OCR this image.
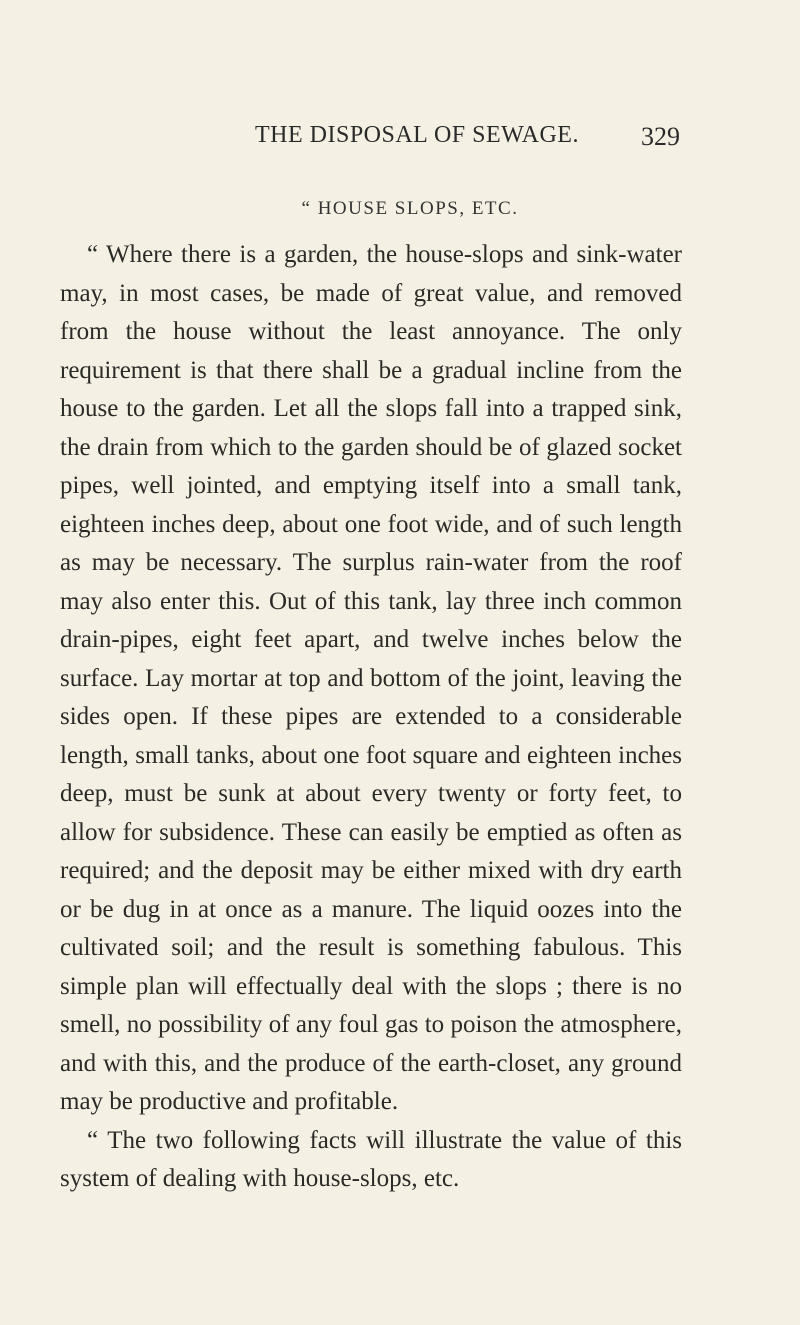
THE DISPOSAL OF SEWAGE. 329
“ HOUSE SLOPS, ETC.

“ Where there is a garden, the house-slops and sink-water may, in most cases, be made of great value, and removed from the house without the least annoyance. The only requirement is that there shall be a gradual incline from the house to the garden. Let all the slops fall into a trapped sink, the drain from which to the garden should be of glazed socket pipes, well jointed, and emptying itself into a small tank, eighteen inches deep, about one foot wide, and of such length as may be necessary. The surplus rain-water from the roof may also enter this. Out of this tank, lay three inch common drain-pipes, eight feet apart, and twelve inches below the surface. Lay mortar at top and bottom of the joint, leaving the sides open. If these pipes are extended to a considerable length, small tanks, about one foot square and eighteen inches deep, must be sunk at about every twenty or forty feet, to allow for subsidence. These can easily be emptied as often as required; and the deposit may be either mixed with dry earth or be dug in at once as a manure. The liquid oozes into the cultivated soil; and the result is something fabulous. This simple plan will effectually deal with the slops ; there is no smell, no possibility of any foul gas to poison the atmosphere, and with this, and the produce of the earth-closet, any ground may be productive and profitable.

“ The two following facts will illustrate the value of this system of dealing with house-slops, etc.
